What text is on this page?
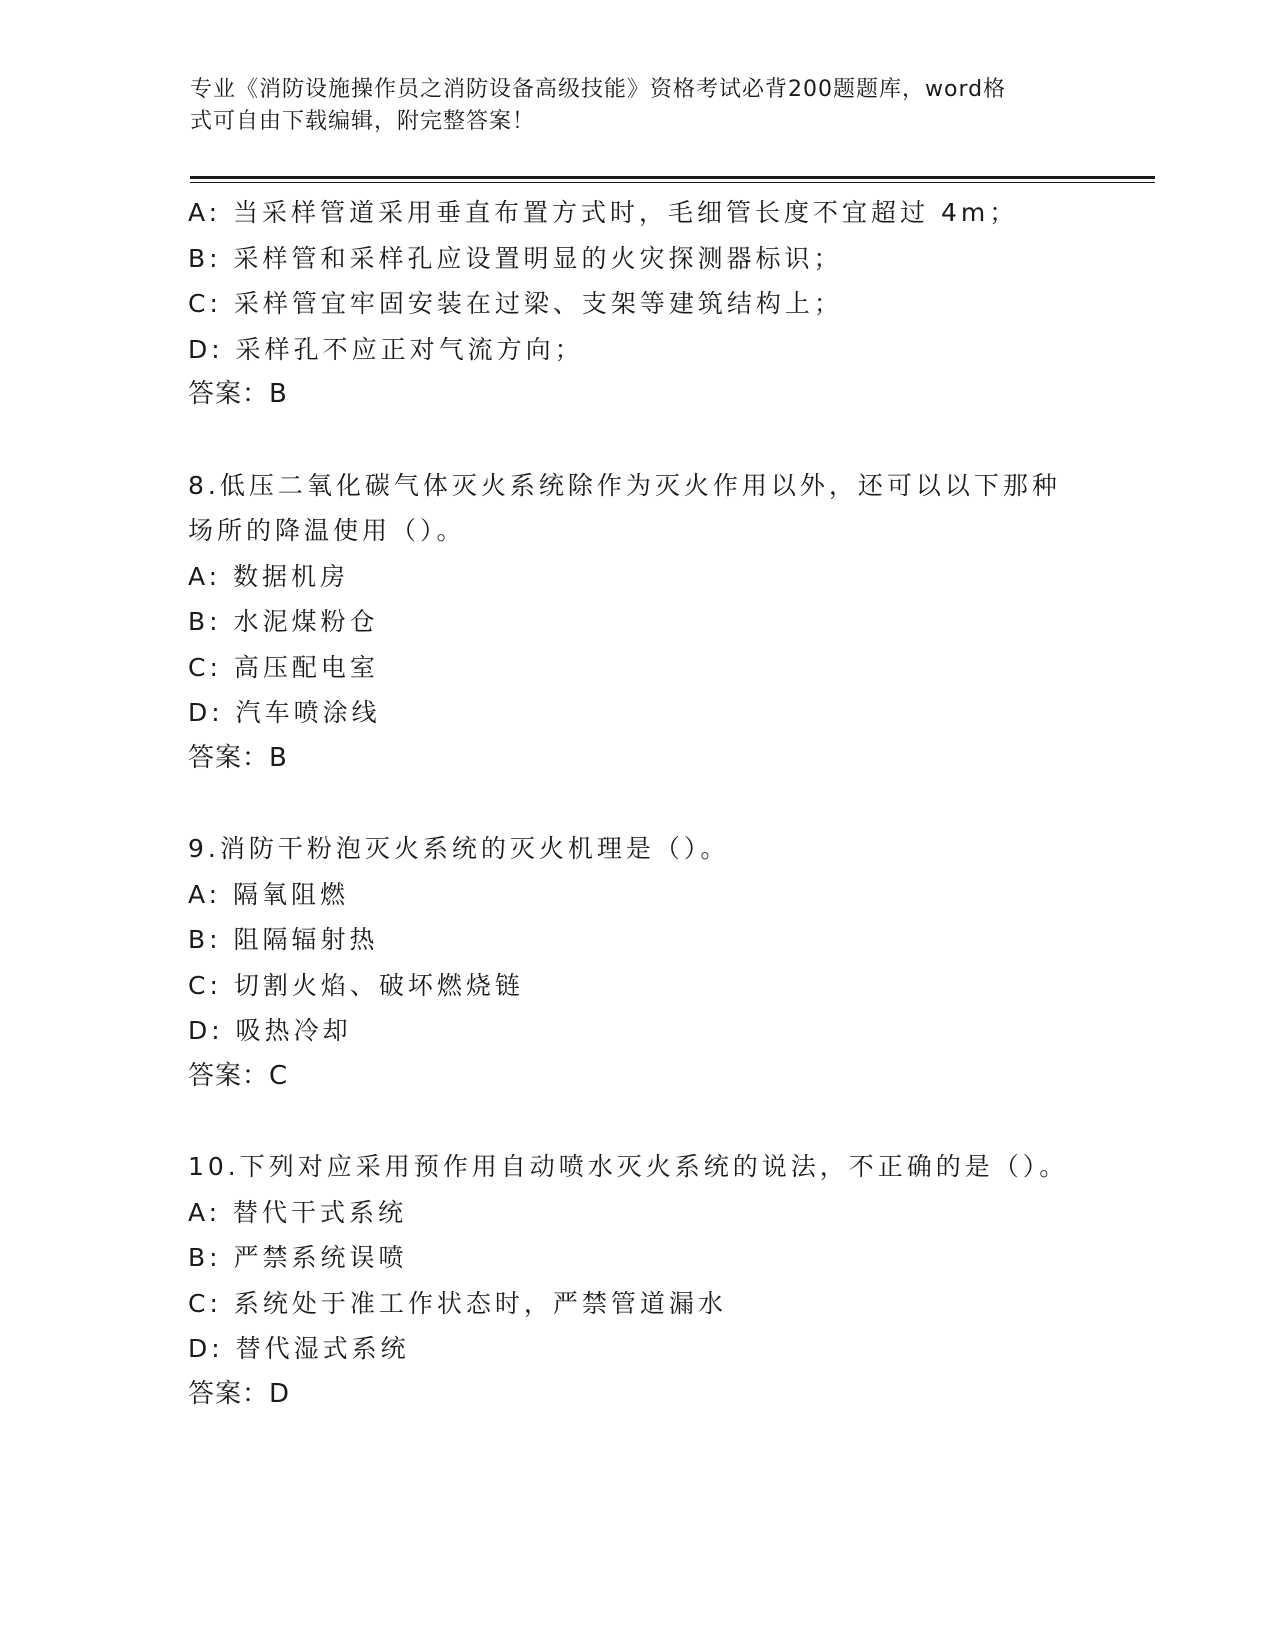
专业《消防设施操作员之消防设备高级技能》资格考试必背200题题库，word格
式可自由下载编辑，附完整答案！
A: 当采样管道采用垂直布置方式时，毛细管长度不宜超过 4m；
B: 采样管和采样孔应设置明显的火灾探测器标识；
C: 采样管宜牢固安装在过梁、支架等建筑结构上；
D: 采样孔不应正对气流方向；
答案：B
8.低压二氧化碳气体灭火系统除作为灭火作用以外，还可以以下那种
场所的降温使用（）。
A: 数据机房
B: 水泥煤粉仓
C: 高压配电室
D: 汽车喷涂线
答案：B
9.消防干粉泡灭火系统的灭火机理是（）。
A: 隔氧阻燃
B: 阻隔辐射热
C: 切割火焰、破坏燃烧链
D: 吸热冷却
答案：C
10.下列对应采用预作用自动喷水灭火系统的说法，不正确的是（）。
A: 替代干式系统
B: 严禁系统误喷
C: 系统处于准工作状态时，严禁管道漏水
D: 替代湿式系统
答案：D
